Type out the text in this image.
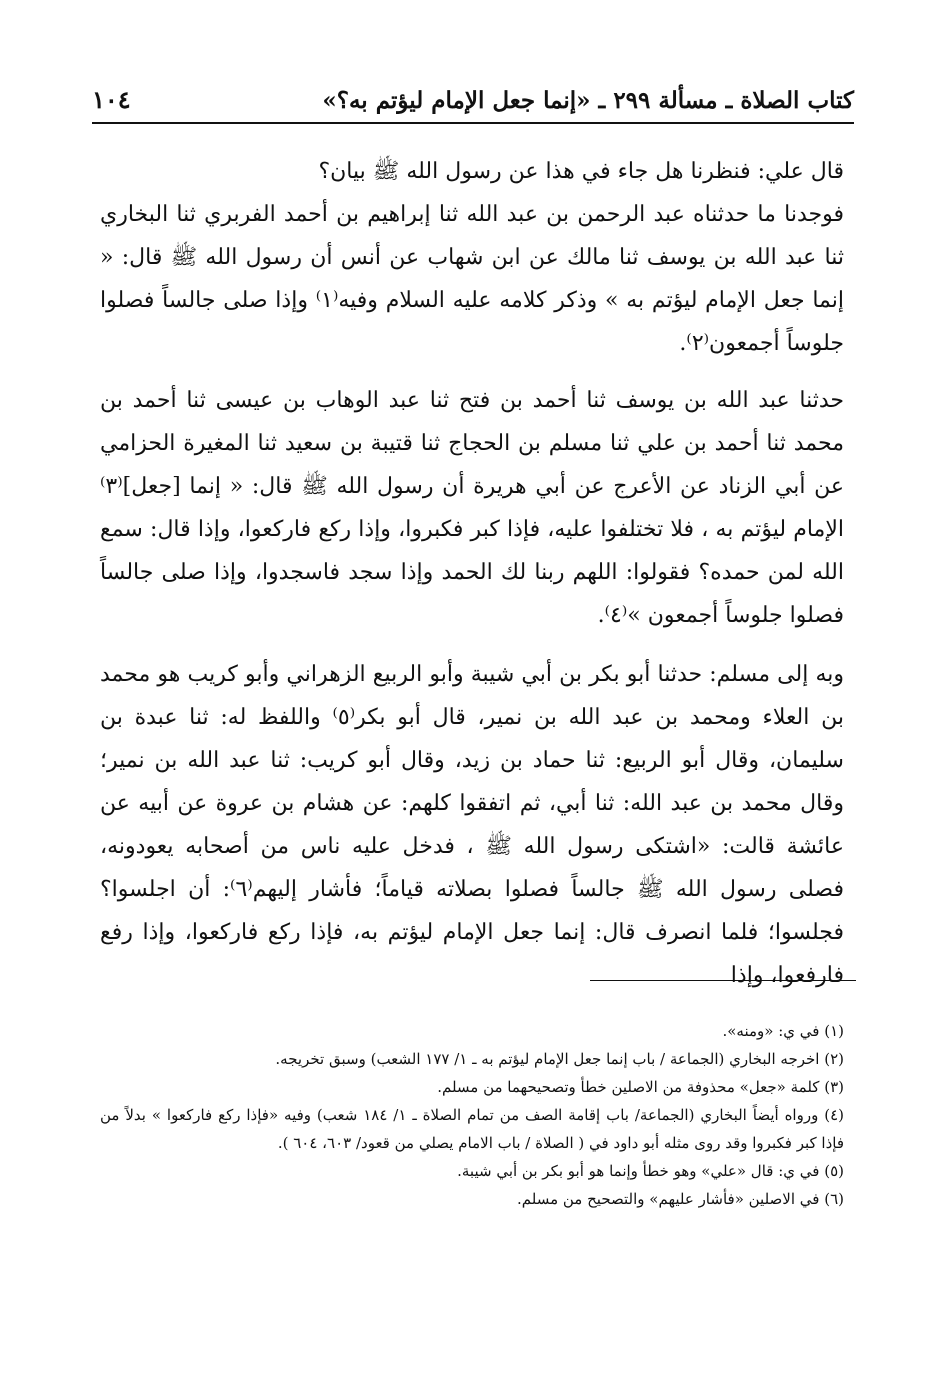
كتاب الصلاة ـ مسألة ٢٩٩ ـ «إنما جعل الإمام ليؤتم به؟»
١٠٤

قال علي: فنظرنا هل جاء في هذا عن رسول الله ﷺ بيان؟

فوجدنا ما حدثناه عبد الرحمن بن عبد الله ثنا إبراهيم بن أحمد الفربري ثنا البخاري ثنا عبد الله بن يوسف ثنا مالك عن ابن شهاب عن أنس أن رسول الله ﷺ قال: « إنما جعل الإمام ليؤتم به » وذكر كلامه عليه السلام وفيه⁽١⁾ وإذا صلى جالساً فصلوا جلوساً أجمعون⁽٢⁾.

حدثنا عبد الله بن يوسف ثنا أحمد بن فتح ثنا عبد الوهاب بن عيسى ثنا أحمد بن محمد ثنا أحمد بن علي ثنا مسلم بن الحجاج ثنا قتيبة بن سعيد ثنا المغيرة الحزامي عن أبي الزناد عن الأعرج عن أبي هريرة أن رسول الله ﷺ قال: « إنما [جعل]⁽٣⁾ الإمام ليؤتم به ، فلا تختلفوا عليه، فإذا كبر فكبروا، وإذا ركع فاركعوا، وإذا قال: سمع الله لمن حمده؟ فقولوا: اللهم ربنا لك الحمد وإذا سجد فاسجدوا، وإذا صلى جالساً فصلوا جلوساً أجمعون »⁽٤⁾.

وبه إلى مسلم: حدثنا أبو بكر بن أبي شيبة وأبو الربيع الزهراني وأبو كريب هو محمد بن العلاء ومحمد بن عبد الله بن نمير، قال أبو بكر⁽٥⁾ واللفظ له: ثنا عبدة بن سليمان، وقال أبو الربيع: ثنا حماد بن زيد، وقال أبو كريب: ثنا عبد الله بن نمير؛ وقال محمد بن عبد الله: ثنا أبي، ثم اتفقوا كلهم: عن هشام بن عروة عن أبيه عن عائشة قالت: «اشتكى رسول الله ﷺ ، فدخل عليه ناس من أصحابه يعودونه، فصلى رسول الله ﷺ جالساً فصلوا بصلاته قياماً؛ فأشار إليهم⁽٦⁾: أن اجلسوا؟ فجلسوا؛ فلما انصرف قال: إنما جعل الإمام ليؤتم به، فإذا ركع فاركعوا، وإذا رفع فارفعوا، وإذا

(١) في ي: «ومنه».

(٢) اخرجه البخاري (الجماعة / باب إنما جعل الإمام ليؤتم به ـ ١/ ١٧٧ الشعب) وسبق تخريجه.

(٣) كلمة «جعل» محذوفة من الاصلين خطأ وتصحيحهما من مسلم.

(٤) ورواه أيضاً البخاري (الجماعة/ باب إقامة الصف من تمام الصلاة ـ ١/ ١٨٤ شعب) وفيه «فإذا ركع فاركعوا » بدلاً من فإذا كبر فكبروا وقد روى مثله أبو داود في ( الصلاة / باب الامام يصلي من قعود/ ٦٠٣، ٦٠٤ ).

(٥) في ي: قال «علي» وهو خطأ وإنما هو أبو بكر بن أبي شيبة.

(٦) في الاصلين «فأشار عليهم» والتصحيح من مسلم.
